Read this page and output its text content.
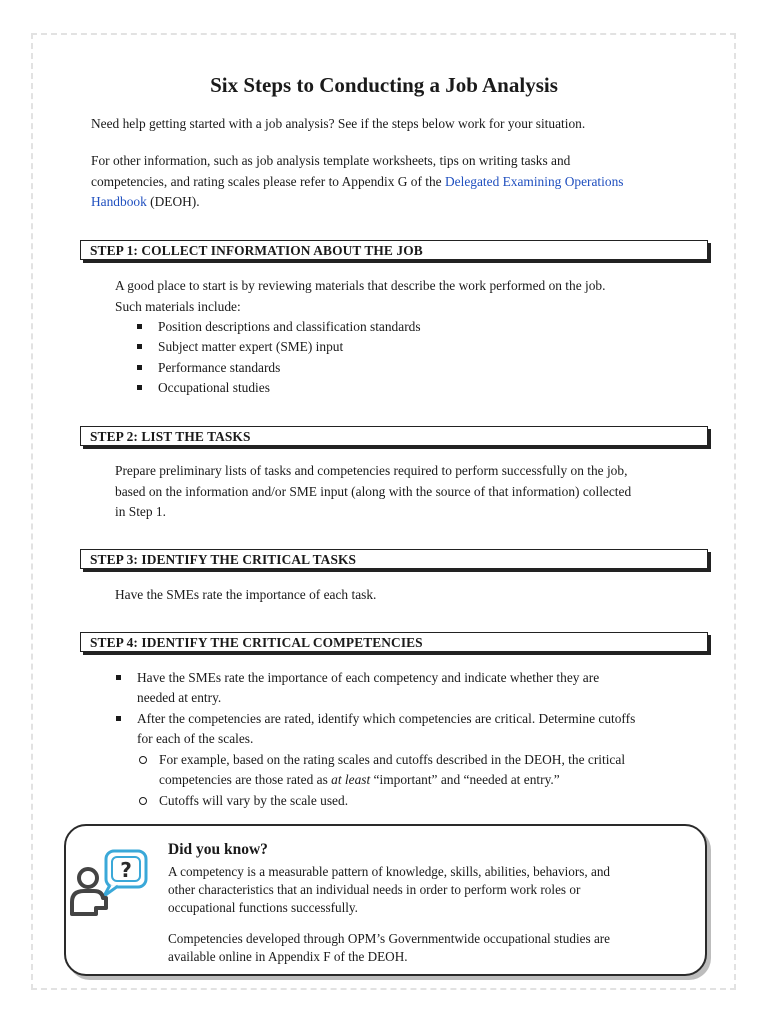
Six Steps to Conducting a Job Analysis

Need help getting started with a job analysis? See if the steps below work for your situation.

For other information, such as job analysis template worksheets, tips on writing tasks and
competencies, and rating scales please refer to Appendix G of the Delegated Examining Operations
Handbook (DEOH).

STEP 1: COLLECT INFORMATION ABOUT THE JOB

A good place to start is by reviewing materials that describe the work performed on the job.
Such materials include:

Position descriptions and classification standards
Subject matter expert (SME) input
Performance standards
Occupational studies
STEP 2: LIST THE TASKS

Prepare preliminary lists of tasks and competencies required to perform successfully on the job,
based on the information and/or SME input (along with the source of that information) collected
in Step 1.

STEP 3: IDENTIFY THE CRITICAL TASKS

Have the SMEs rate the importance of each task.

STEP 4: IDENTIFY THE CRITICAL COMPETENCIES
Have the SMEs rate the importance of each competency and indicate whether they are
needed at entry.
After the competencies are rated, identify which competencies are critical. Determine cutoffs
for each of the scales.
For example, based on the rating scales and cutoffs described in the DEOH, the critical
competencies are those rated as at least “important” and “needed at entry.”
Cutoffs will vary by the scale used.
?
Did you know?

A competency is a measurable pattern of knowledge, skills, abilities, behaviors, and
other characteristics that an individual needs in order to perform work roles or
occupational functions successfully.

Competencies developed through OPM’s Governmentwide occupational studies are
available online in Appendix F of the DEOH.
